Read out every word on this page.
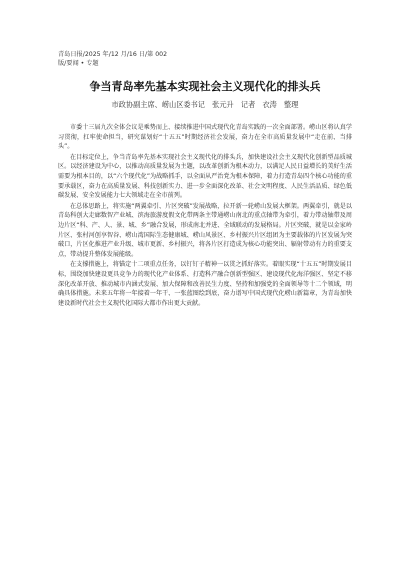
青岛日报/2025 年/12 月/16 日/第 002
版/要闻 • 专题
争当青岛率先基本实现社会主义现代化的排头兵
市政协副主席、崂山区委书记　张元升　记者　衣涛　整理

市委十三届九次全体会议是乘势而上、接续推进中国式现代化青岛实践的一次全面部署。崂山区将认真学习贯彻，扛牢使命担当，研究谋划好“十五五”时期经济社会发展，奋力在全市高质量发展中“走在前、当排头”。

在目标定位上，争当青岛率先基本实现社会主义现代化的排头兵，加快建设社会主义现代化创新型品质城区。以经济建设为中心，以推动高质量发展为主题，以改革创新为根本动力，以满足人民日益增长的美好生活需要为根本目的，以“六个现代化”为战略抓手，以全面从严治党为根本保障，着力打造青岛四个核心功能的重要承载区，奋力在高质量发展、科技创新实力、进一步全面深化改革、社会文明程度、人民生活品质、绿色低碳发展、安全发展能力七大领域走在全市前列。

在总体思路上，将实施“两翼牵引、片区突破”发展战略，拉开新一轮崂山发展大框架。两翼牵引，就是以青岛科创大走廊数智产业城、滨海旅游度假文化带两条主带通崂山南北的重点轴带为牵引，着力带动轴带及周边片区“科、产、人、景、城、乡”融合发展，形成南北并进、全域联动的发展格局。片区突破，就是以金家岭片区、张村河创享智谷、崂山湾国际生态健康城、崂山风景区、乡村振兴片区组团为主要载体的片区发展为突破口，片区化推进产业升级、城市更新、乡村振兴，将各片区打造成为核心功能突出、辐射带动有力的重要支点，带动提升整体发展能级。

在支撑措施上，将锚定十二项重点任务，以钉钉子精神一以贯之抓好落实。着眼实现“十五五”时期发展目标，围绕加快建设更具竞争力的现代化产业体系、打造科产融合创新型强区、建设现代化海洋强区、坚定不移深化改革开放、推动城市内涵式发展、加大保障和改善民生力度、坚持和加强党的全面领导等十二个领域，明确具体措施。未来五年将一年接着一年干、一张蓝图绘到底，奋力谱写中国式现代化崂山新篇章，为青岛加快建设新时代社会主义现代化国际大都市作出更大贡献。
